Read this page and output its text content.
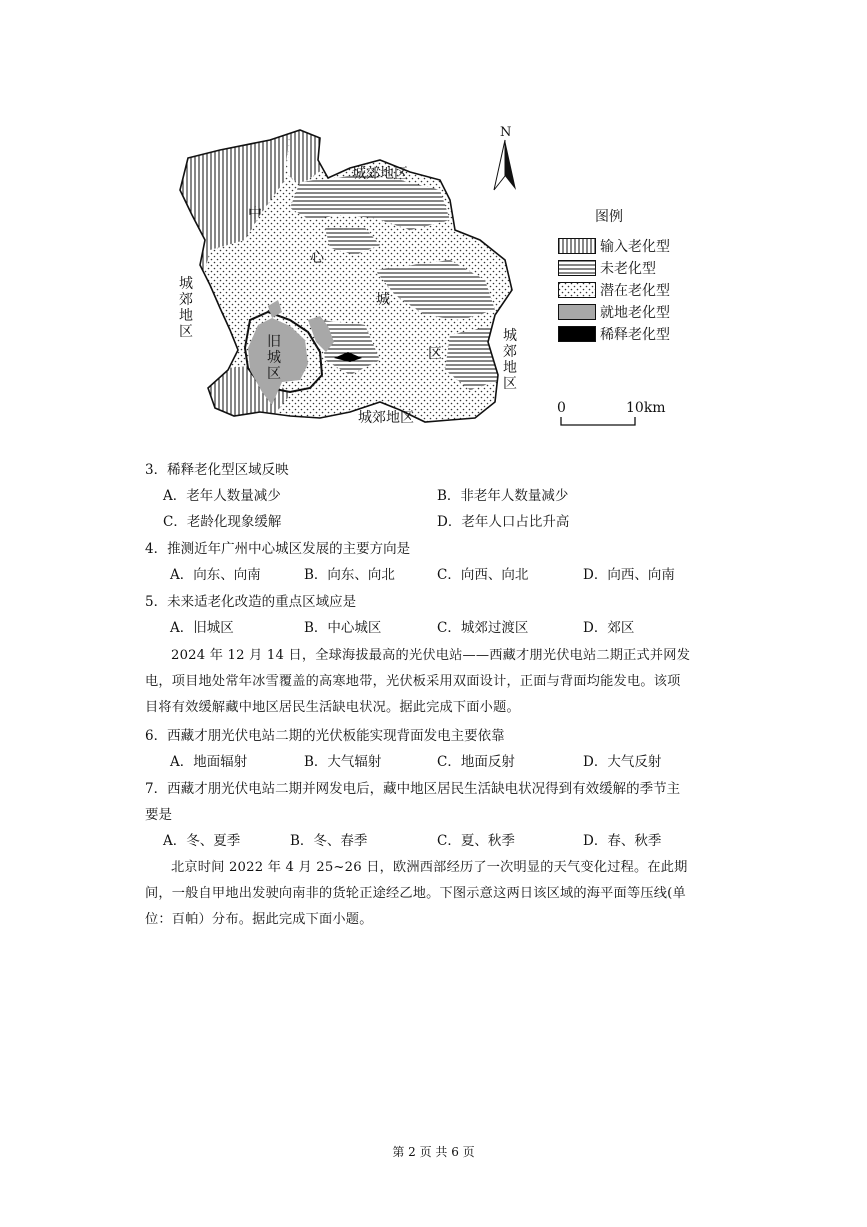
N
城郊地区
城郊地区
城
郊
地
区	城
郊
地
区
中
心
城
区
旧
城
区
图例
输入老化型
未老化型
潜在老化型
就地老化型
稀释老化型
0	10km
3．稀释老化型区域反映
A．老年人数量减少	B．非老年人数量减少
C．老龄化现象缓解	D．老年人口占比升高
4．推测近年广州中心城区发展的主要方向是
A．向东、向南	B．向东、向北	C．向西、向北	D．向西、向南
5．未来适老化改造的重点区域应是
A．旧城区	B．中心城区	C．城郊过渡区	D．郊区
2024 年 12 月 14 日，全球海拔最高的光伏电站——西藏才朋光伏电站二期正式并网发
电，项目地处常年冰雪覆盖的高寒地带，光伏板采用双面设计，正面与背面均能发电。该项
目将有效缓解藏中地区居民生活缺电状况。据此完成下面小题。
6．西藏才朋光伏电站二期的光伏板能实现背面发电主要依靠
A．地面辐射	B．大气辐射	C．地面反射	D．大气反射
7．西藏才朋光伏电站二期并网发电后，藏中地区居民生活缺电状况得到有效缓解的季节主
要是
A．冬、夏季	B．冬、春季	C．夏、秋季	D．春、秋季
北京时间 2022 年 4 月 25~26 日，欧洲西部经历了一次明显的天气变化过程。在此期
间，一般自甲地出发驶向南非的货轮正途经乙地。下图示意这两日该区域的海平面等压线(单
位：百帕）分布。据此完成下面小题。
第 2 页 共 6 页
